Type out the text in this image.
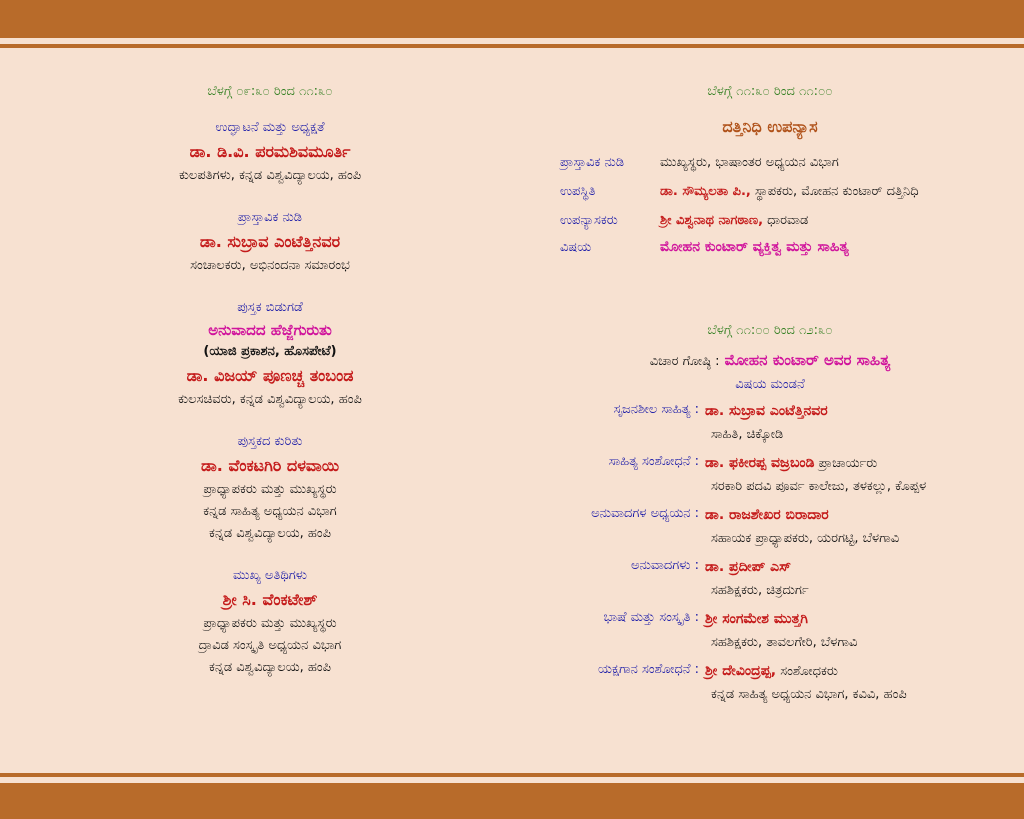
ಬೆಳಗ್ಗೆ ೦೯:೩೦ ರಿಂದ ೧೧:೩೦
ಉದ್ಘಾಟನೆ ಮತ್ತು ಅಧ್ಯಕ್ಷತೆ
ಡಾ. ಡಿ.ವಿ. ಪರಮಶಿವಮೂರ್ತಿ
ಕುಲಪತಿಗಳು, ಕನ್ನಡ ವಿಶ್ವವಿದ್ಯಾಲಯ, ಹಂಪಿ
ಪ್ರಾಸ್ತಾವಿಕ ನುಡಿ
ಡಾ. ಸುಬ್ರಾವ ಎಂಟೆತ್ತಿನವರ
ಸಂಚಾಲಕರು, ಅಭಿನಂದನಾ ಸಮಾರಂಭ
ಪುಸ್ತಕ ಬಿಡುಗಡೆ
ಅನುವಾದದ ಹೆಜ್ಜೆಗುರುತು
(ಯಾಜಿ ಪ್ರಕಾಶನ, ಹೊಸಪೇಟೆ)
ಡಾ. ವಿಜಯ್ ಪೂಣಚ್ಚ ತಂಬಂಡ
ಕುಲಸಚಿವರು, ಕನ್ನಡ ವಿಶ್ವವಿದ್ಯಾಲಯ, ಹಂಪಿ
ಪುಸ್ತಕದ ಕುರಿತು
ಡಾ. ವೆಂಕಟಗಿರಿ ದಳವಾಯಿ
ಪ್ರಾಧ್ಯಾಪಕರು ಮತ್ತು ಮುಖ್ಯಸ್ಥರು
ಕನ್ನಡ ಸಾಹಿತ್ಯ ಅಧ್ಯಯನ ವಿಭಾಗ
ಕನ್ನಡ ವಿಶ್ವವಿದ್ಯಾಲಯ, ಹಂಪಿ
ಮುಖ್ಯ ಅತಿಥಿಗಳು
ಶ್ರೀ ಸಿ. ವೆಂಕಟೇಶ್
ಪ್ರಾಧ್ಯಾಪಕರು ಮತ್ತು ಮುಖ್ಯಸ್ಥರು
ದ್ರಾವಿಡ ಸಂಸ್ಕೃತಿ ಅಧ್ಯಯನ ವಿಭಾಗ
ಕನ್ನಡ ವಿಶ್ವವಿದ್ಯಾಲಯ, ಹಂಪಿ
ಬೆಳಗ್ಗೆ ೧೧:೩೦ ರಿಂದ ೧೧:೦೦
ದತ್ತಿನಿಧಿ ಉಪನ್ಯಾಸ
ಪ್ರಾಸ್ತಾವಿಕ ನುಡಿ	ಮುಖ್ಯಸ್ಥರು, ಭಾಷಾಂತರ ಅಧ್ಯಯನ ವಿಭಾಗ
ಉಪಸ್ಥಿತಿ	ಡಾ. ಸೌಮ್ಯಲತಾ ಪಿ., ಸ್ಥಾಪಕರು, ಮೋಹನ ಕುಂಟಾರ್ ದತ್ತಿನಿಧಿ
ಉಪನ್ಯಾಸಕರು	ಶ್ರೀ ವಿಶ್ವನಾಥ ನಾಗಠಾಣ, ಧಾರವಾಡ
ವಿಷಯ	ಮೋಹನ ಕುಂಟಾರ್ ವ್ಯಕ್ತಿತ್ವ ಮತ್ತು ಸಾಹಿತ್ಯ
ಬೆಳಗ್ಗೆ ೧೧:೦೦ ರಿಂದ ೧೨:೩೦
ವಿಚಾರ ಗೋಷ್ಠಿ : ಮೋಹನ ಕುಂಟಾರ್ ಅವರ ಸಾಹಿತ್ಯ
ವಿಷಯ ಮಂಡನೆ
ಸೃಜನಶೀಲ ಸಾಹಿತ್ಯ : ಡಾ. ಸುಬ್ರಾವ ಎಂಟೆತ್ತಿನವರ
ಸಾಹಿತಿ, ಚಿಕ್ಕೋಡಿ
ಸಾಹಿತ್ಯ ಸಂಶೋಧನೆ : ಡಾ. ಫಕೀರಪ್ಪ ವಜ್ರಬಂಡಿ ಪ್ರಾಚಾರ್ಯರು
ಸರಕಾರಿ ಪದವಿ ಪೂರ್ವ ಕಾಲೇಜು, ತಳಕಲ್ಲು, ಕೊಪ್ಪಳ
ಅನುವಾದಗಳ ಅಧ್ಯಯನ : ಡಾ. ರಾಜಶೇಖರ ಬಿರಾದಾರ
ಸಹಾಯಕ ಪ್ರಾಧ್ಯಾಪಕರು, ಯರಗಟ್ಟಿ, ಬೆಳಗಾವಿ
ಅನುವಾದಗಳು : ಡಾ. ಪ್ರದೀಪ್ ಎಸ್
ಸಹಶಿಕ್ಷಕರು, ಚಿತ್ರದುರ್ಗ
ಭಾಷೆ ಮತ್ತು ಸಂಸ್ಕೃತಿ : ಶ್ರೀ ಸಂಗಮೇಶ ಮುತ್ತಗಿ
ಸಹಶಿಕ್ಷಕರು, ತಾವಲಗೇರಿ, ಬೆಳಗಾವಿ
ಯಕ್ಷಗಾನ ಸಂಶೋಧನೆ : ಶ್ರೀ ದೇವಿಂದ್ರಪ್ಪ, ಸಂಶೋಧಕರು
ಕನ್ನಡ ಸಾಹಿತ್ಯ ಅಧ್ಯಯನ ವಿಭಾಗ, ಕವಿವಿ, ಹಂಪಿ
